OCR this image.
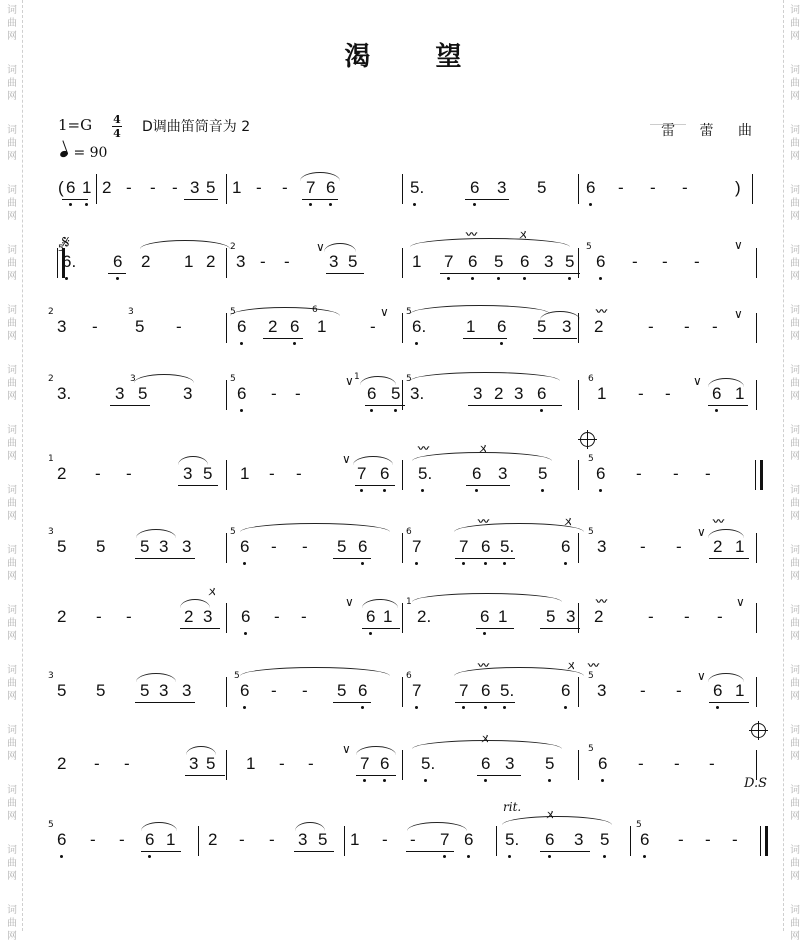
词
曲
网
词
曲
网
词
曲
网
词
曲
网
词
曲
网
词
曲
网
词
曲
网
词
曲
网
词
曲
网
词
曲
网
词
曲
网
词
曲
网
词
曲
网
词
曲
网
词
曲
网
词
曲
网
词
曲
网
词
曲
网
词
曲
网
词
曲
网
词
曲
网
词
曲
网
词
曲
网
词
曲
网
词
曲
网
词
曲
网
词
曲
网
词
曲
网
词
曲
网
词
曲
网
词
曲
网
词
曲
网
渴 望
1=G 4
4 D调曲笛筒音为 2
= 90
雷 蕾 曲
( 6 1 2 - - - 3 5 1 - - 7 6	5.	6 3 5 6 - - -	)
6. 6 2 1 2 3 - - 3 5	1 7 6 5 6 3 5 6 - - -
5	2	5
∨	∨
〰	ㄨ
3 - 5 -	6 2 6 1	- 6. 1 6 5 3 2	- - -
2	3	5	6	5
∨	∨
〰
3.	3 5 3	6 - -	6 5 3.	3 2 3 6	1 - - 6 1
2	3	5	1	5	6
∨	∨
2 - -	3 5 1 - -	7 6 5. 6 3 5	6 - - -
1	5
∨
〰	ㄨ
5 5 5 3 3	6 - - 5 6	7 7 6 5.	6 3 - - 2 1
3	5	6	5	∨
〰	ㄨ	〰
2 - -	2 3 6 - -	6 1 2.	6 1 5 3 2	- - -
1
∨	∨
ㄨ
〰
5 5 5 3 3	6 - - 5 6	7 7 6 5.	6 3 - - 6 1
3	5	6	5	∨
〰	ㄨ 〰
2 - -	3 5 1 - -	7 6 5.	6 3 5	6 - - -
5
∨
ㄨ
6 - - 6 1 2 - - 3 5 1 - - 7 6 5. 6 3 5 6 - - -
5	5
ㄨ
𝄋
D.S
rit.
